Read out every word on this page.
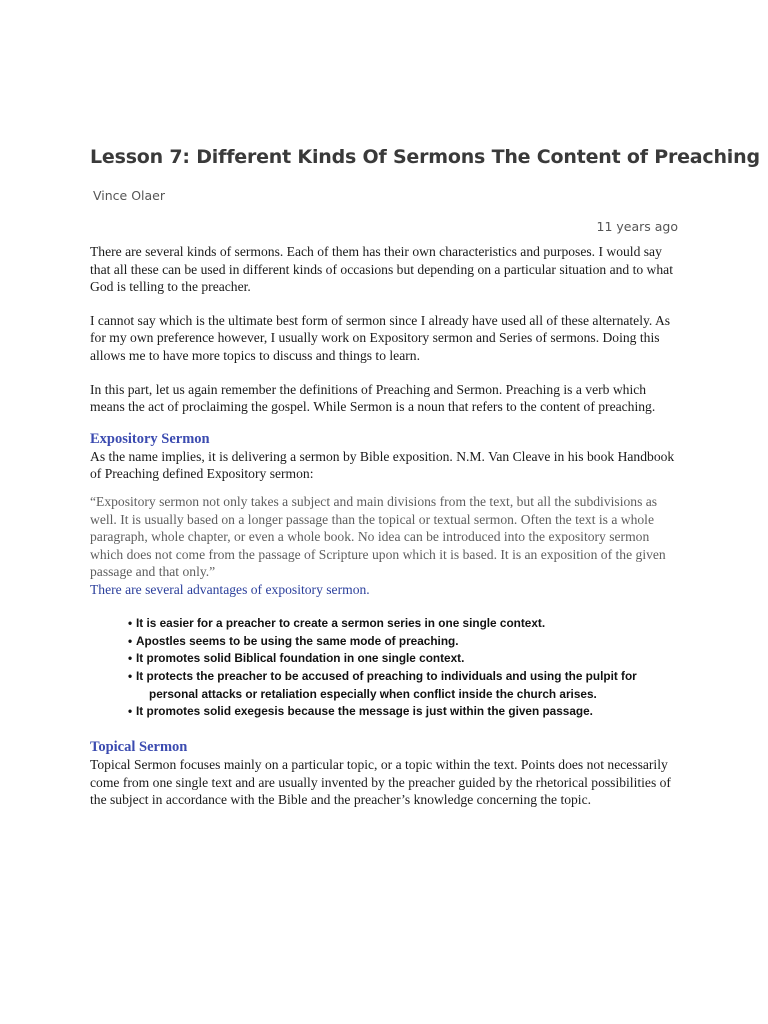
Lesson 7: Different Kinds Of Sermons The Content of Preaching
Vince Olaer
11 years ago

There are several kinds of sermons. Each of them has their own characteristics and purposes. I would say that all these can be used in different kinds of occasions but depending on a particular situation and to what God is telling to the preacher.

I cannot say which is the ultimate best form of sermon since I already have used all of these alternately. As for my own preference however, I usually work on Expository sermon and Series of sermons. Doing this allows me to have more topics to discuss and things to learn.

In this part, let us again remember the definitions of Preaching and Sermon. Preaching is a verb which means the act of proclaiming the gospel. While Sermon is a noun that refers to the content of preaching.

Expository Sermon

As the name implies, it is delivering a sermon by Bible exposition. N.M. Van Cleave in his book Handbook of Preaching defined Expository sermon:

“Expository sermon not only takes a subject and main divisions from the text, but all the subdivisions as well. It is usually based on a longer passage than the topical or textual sermon. Often the text is a whole paragraph, whole chapter, or even a whole book. No idea can be introduced into the expository sermon which does not come from the passage of Scripture upon which it is based. It is an exposition of the given passage and that only.”

There are several advantages of expository sermon.

• It is easier for a preacher to create a sermon series in one single context.
• Apostles seems to be using the same mode of preaching.
• It promotes solid Biblical foundation in one single context.
• It protects the preacher to be accused of preaching to individuals and using the pulpit for
personal attacks or retaliation especially when conflict inside the church arises.
• It promotes solid exegesis because the message is just within the given passage.
Topical Sermon

Topical Sermon focuses mainly on a particular topic, or a topic within the text. Points does not necessarily come from one single text and are usually invented by the preacher guided by the rhetorical possibilities of the subject in accordance with the Bible and the preacher’s knowledge concerning the topic.
